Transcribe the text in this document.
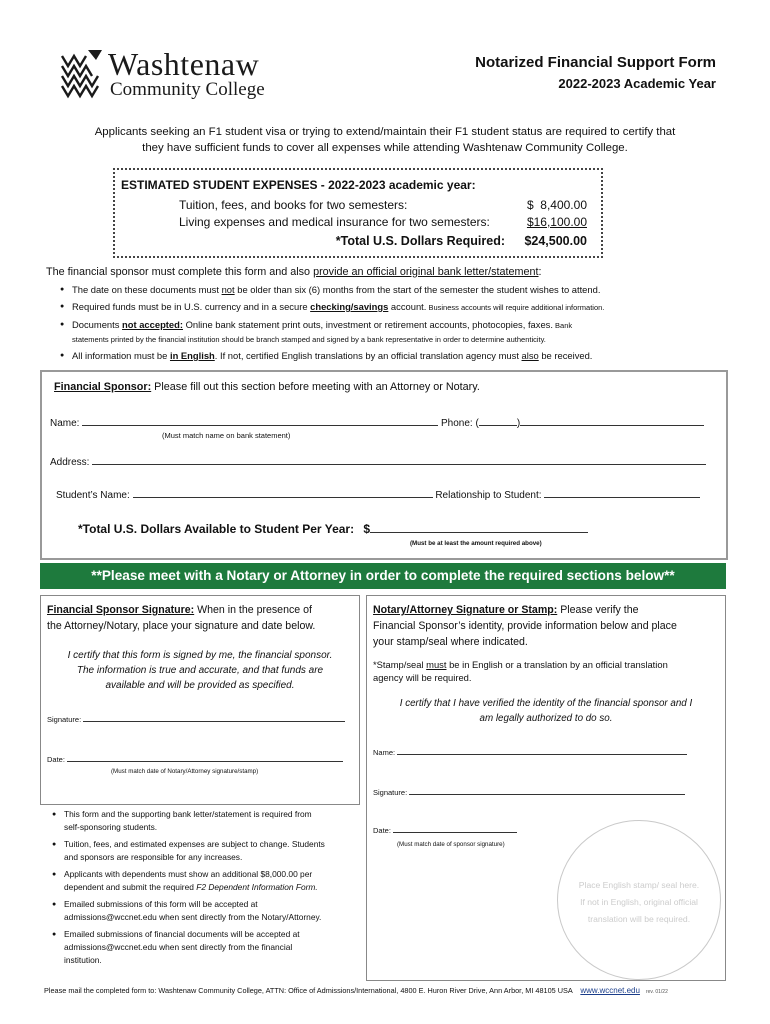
Washtenaw
Community College
Notarized Financial Support Form
2022-2023 Academic Year
Applicants seeking an F1 student visa or trying to extend/maintain their F1 student status are required to certify that
they have sufficient funds to cover all expenses while attending Washtenaw Community College.
ESTIMATED STUDENT EXPENSES - 2022-2023 academic year:
Tuition, fees, and books for two semesters:	$  8,400.00
Living expenses and medical insurance for two semesters:	$16,100.00
*Total U.S. Dollars Required: $24,500.00
The financial sponsor must complete this form and also provide an official original bank letter/statement:
● The date on these documents must not be older than six (6) months from the start of the semester the student wishes to attend.
● Required funds must be in U.S. currency and in a secure checking/savings account. Business accounts will require additional information.
● Documents not accepted: Online bank statement print outs, investment or retirement accounts, photocopies, faxes. Bank
statements printed by the financial institution should be branch stamped and signed by a bank representative in order to determine authenticity.
● All information must be in English. If not, certified English translations by an official translation agency must also be received.
Financial Sponsor: Please fill out this section before meeting with an Attorney or Notary.
Name:	Phone: (	)
(Must match name on bank statement)
Address:
Student’s Name:	Relationship to Student:
*Total U.S. Dollars Available to Student Per Year: $
(Must be at least the amount required above)
**Please meet with a Notary or Attorney in order to complete the required sections below**
Financial Sponsor Signature: When in the presence of
the Attorney/Notary, place your signature and date below.
I certify that this form is signed by me, the financial sponsor.
The information is true and accurate, and that funds are
available and will be provided as specified.
Signature:
Date:
(Must match date of Notary/Attorney signature/stamp)
● This form and the supporting bank letter/statement is required from
self-sponsoring students.
● Tuition, fees, and estimated expenses are subject to change. Students
and sponsors are responsible for any increases.
● Applicants with dependents must show an additional $8,000.00 per
dependent and submit the required F2 Dependent Information Form.
● Emailed submissions of this form will be accepted at
admissions@wccnet.edu when sent directly from the Notary/Attorney.
● Emailed submissions of financial documents will be accepted at
admissions@wccnet.edu when sent directly from the financial
institution.
Notary/Attorney Signature or Stamp: Please verify the
Financial Sponsor’s identity, provide information below and place
your stamp/seal where indicated.
*Stamp/seal must be in English or a translation by an official translation
agency will be required.
I certify that I have verified the identity of the financial sponsor and I
am legally authorized to do so.
Name:
Signature:
Date:
(Must match date of sponsor signature)
Place English stamp/ seal here.
If not in English, original official
translation will be required.
Please mail the completed form to: Washtenaw Community College, ATTN: Office of Admissions/International, 4800 E. Huron River Drive, Ann Arbor, MI 48105 USA www.wccnet.edu rev. 01/22
